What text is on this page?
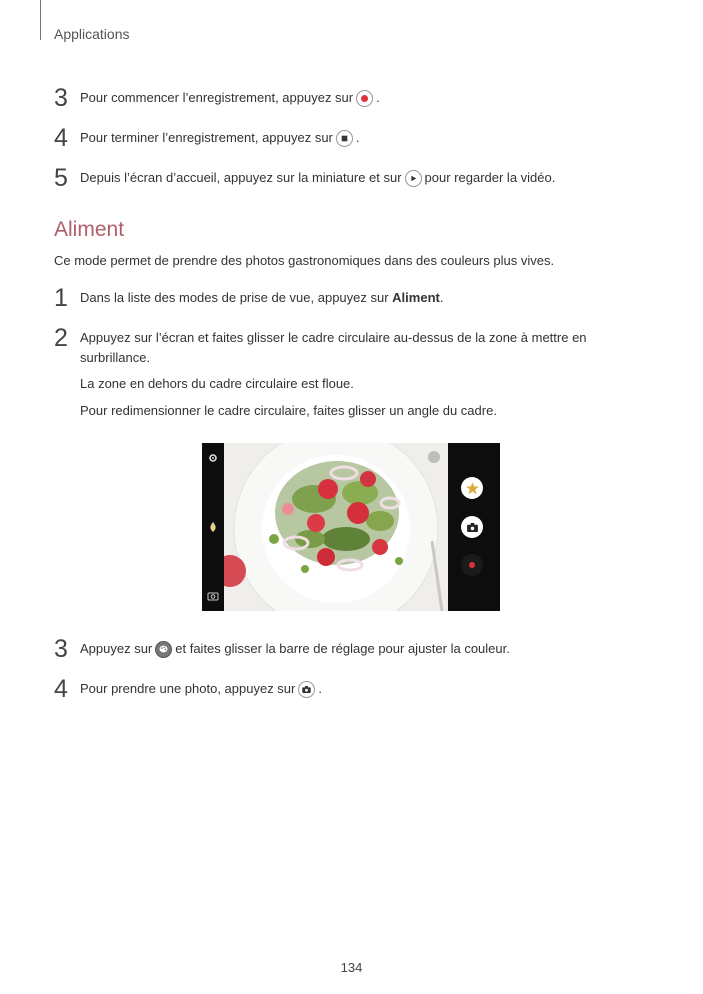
Applications
3 Pour commencer l’enregistrement, appuyez sur .
4 Pour terminer l’enregistrement, appuyez sur .
5 Depuis l’écran d’accueil, appuyez sur la miniature et sur pour regarder la vidéo.
Aliment
Ce mode permet de prendre des photos gastronomiques dans des couleurs plus vives.
1 Dans la liste des modes de prise de vue, appuyez sur Aliment .
2 Appuyez sur l’écran et faites glisser le cadre circulaire au-dessus de la zone à mettre en
surbrillance.
La zone en dehors du cadre circulaire est floue.
Pour redimensionner le cadre circulaire, faites glisser un angle du cadre.
3 Appuyez sur et faites glisser la barre de réglage pour ajuster la couleur.
4 Pour prendre une photo, appuyez sur .
134
